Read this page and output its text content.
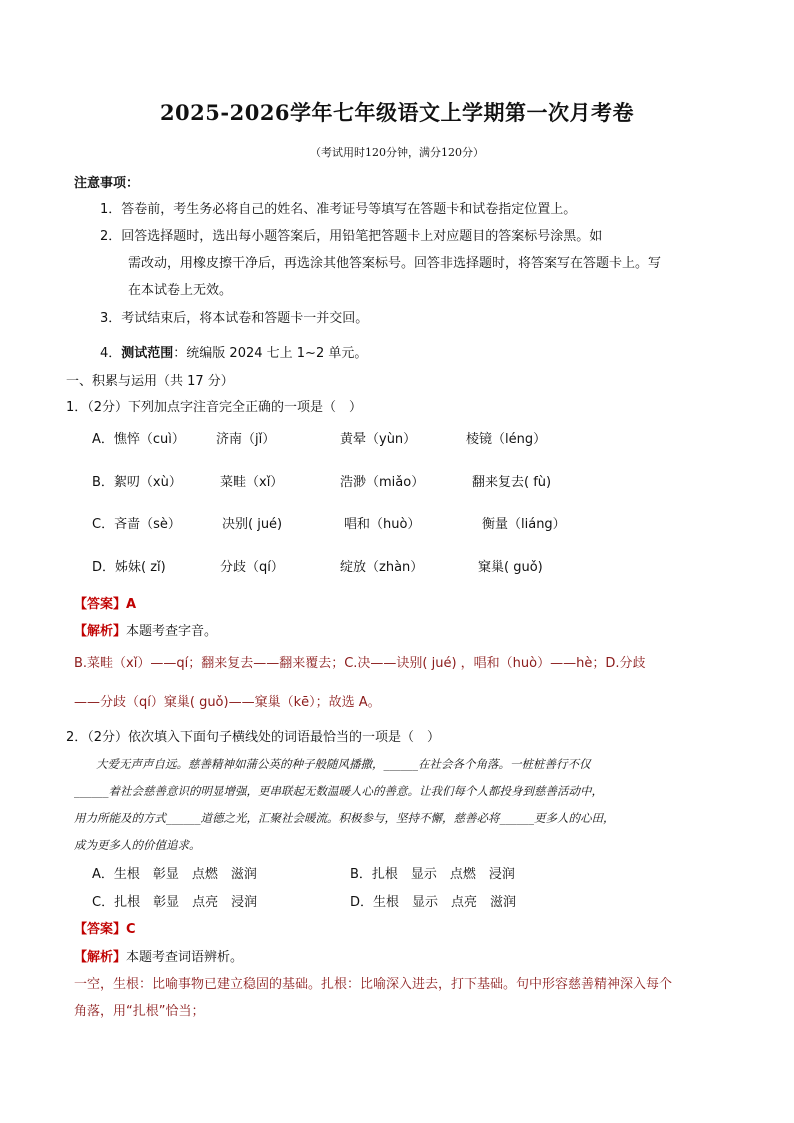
2025-2026学年七年级语文上学期第一次月考卷
（考试用时120分钟，满分120分）
注意事项：
1．答卷前，考生务必将自己的姓名、准考证号等填写在答题卡和试卷指定位置上。
2．回答选择题时，选出每小题答案后，用铅笔把答题卡上对应题目的答案标号涂黑。如
需改动，用橡皮擦干净后，再选涂其他答案标号。回答非选择题时，将答案写在答题卡上。写
在本试卷上无效。
3．考试结束后，将本试卷和答题卡一并交回。
4．测试范围：统编版 2024 七上 1~2 单元。
一、积累与运用（共 17 分）
1．（2分）下列加点字注音完全正确的一项是（　）
A．憔悴（cuì） 济南（jǐ）	黄晕（yùn）	棱镜（léng）
B．絮叨（xù）	菜畦（xǐ）	浩渺（miǎo）	翻来复去( fù)
C．吝啬（sè）	决别( jué)	唱和（huò）	衡量（liáng）
D．姊妹( zǐ)	分歧（qí）	绽放（zhàn）	窠巢( guǒ)
【答案】A
【解析】本题考查字音。
B.菜畦（xǐ）——qí；翻来复去——翻来覆去；C.决——诀别( jué) ，唱和（huò）——hè；D.分歧
——分歧（qí）窠巢( guǒ)——窠巢（kē）；故选 A。
2．（2分）依次填入下面句子横线处的词语最恰当的一项是（　）
大爱无声声自远。慈善精神如蒲公英的种子般随风播撒，______在社会各个角落。一桩桩善行不仅
______着社会慈善意识的明显增强，更串联起无数温暖人心的善意。让我们每个人都投身到慈善活动中，
用力所能及的方式______道德之光，汇聚社会暖流。积极参与，坚持不懈，慈善必将______更多人的心田，
成为更多人的价值追求。
A．生根　彰显　点燃　滋润	B．扎根　显示　点燃　浸润
C．扎根　彰显　点亮　浸润	D．生根　显示　点亮　滋润
【答案】C
【解析】本题考查词语辨析。
一空，生根：比喻事物已建立稳固的基础。扎根：比喻深入进去，打下基础。句中形容慈善精神深入每个
角落，用“扎根”恰当；
